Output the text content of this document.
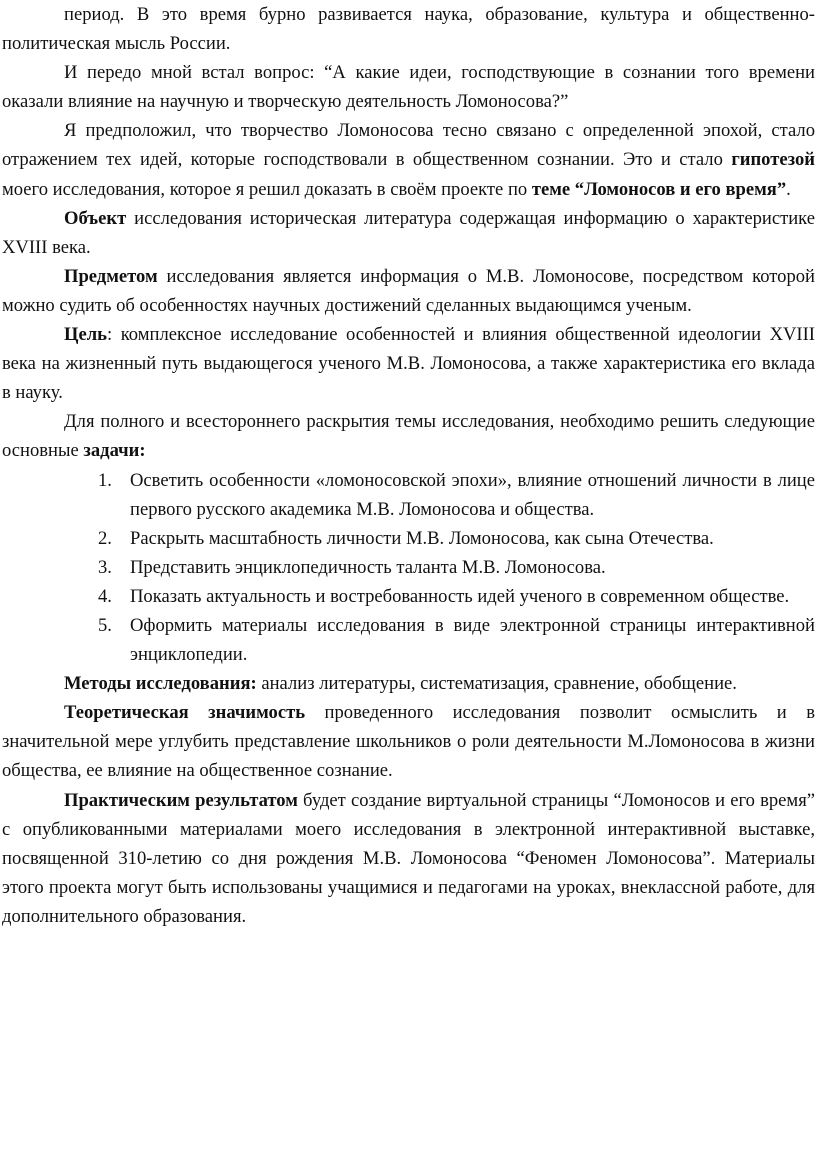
период. В это время бурно развивается наука, образование, культура и общественно-политическая мысль России.

И передо мной встал вопрос: “А какие идеи, господствующие в сознании того времени оказали влияние на научную и творческую деятельность Ломоносова?”

Я предположил, что творчество Ломоносова тесно связано с определенной эпохой, стало отражением тех идей, которые господствовали в общественном сознании. Это и стало гипотезой моего исследования, которое я решил доказать в своём проекте по теме “Ломоносов и его время”.

Объект исследования историческая литература содержащая информацию о характеристике XVIII века.

Предметом исследования является информация о М.В. Ломоносове, посредством которой можно судить об особенностях научных достижений сделанных выдающимся ученым.

Цель: комплексное исследование особенностей и влияния общественной идеологии XVIII века на жизненный путь выдающегося ученого М.В. Ломоносова, а также характеристика его вклада в науку.

Для полного и всестороннего раскрытия темы исследования, необходимо решить следующие основные задачи:

1. Осветить особенности «ломоносовской эпохи», влияние отношений личности в лице первого русского академика М.В. Ломоносова и общества.
2. Раскрыть масштабность личности М.В. Ломоносова, как сына Отечества.
3. Представить энциклопедичность таланта М.В. Ломоносова.
4. Показать актуальность и востребованность идей ученого в современном обществе.
5. Оформить материалы исследования в виде электронной страницы интерактивной энциклопедии.

Методы исследования: анализ литературы, систематизация, сравнение, обобщение.

Теоретическая значимость проведенного исследования позволит осмыслить и в значительной мере углубить представление школьников о роли деятельности М.Ломоносова в жизни общества, ее влияние на общественное сознание.

Практическим результатом будет создание виртуальной страницы “Ломоносов и его время” с опубликованными материалами моего исследования в электронной интерактивной выставке, посвященной 310-летию со дня рождения М.В. Ломоносова “Феномен Ломоносова”. Материалы этого проекта могут быть использованы учащимися и педагогами на уроках, внеклассной работе, для дополнительного образования.
